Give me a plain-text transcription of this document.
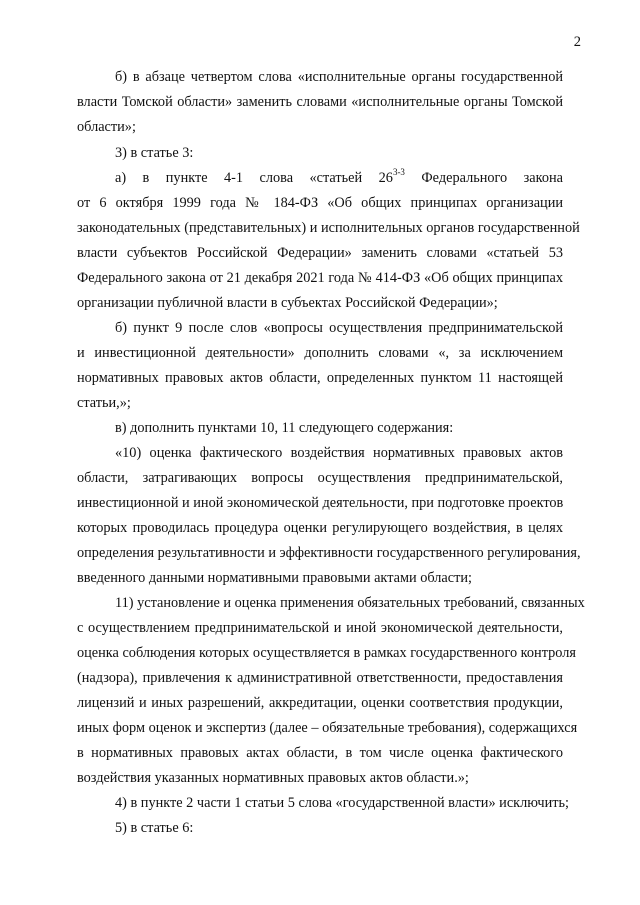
2
б) в абзаце четвертом слова «исполнительные органы государственной
власти Томской области» заменить словами «исполнительные органы Томской
области»;
3) в статье 3:
а) в пункте 4-1 слова «статьей 26$^{3-3}$ Федерального закона
от 6 октября 1999 года № 184-ФЗ «Об общих принципах организации
законодательных (представительных) и исполнительных органов государственной
власти субъектов Российской Федерации» заменить словами «статьей 53
Федерального закона от 21 декабря 2021 года № 414-ФЗ «Об общих принципах
организации публичной власти в субъектах Российской Федерации»;
б) пункт 9 после слов «вопросы осуществления предпринимательской
и инвестиционной деятельности» дополнить словами «, за исключением
нормативных правовых актов области, определенных пунктом 11 настоящей
статьи,»;
в) дополнить пунктами 10, 11 следующего содержания:
«10) оценка фактического воздействия нормативных правовых актов
области, затрагивающих вопросы осуществления предпринимательской,
инвестиционной и иной экономической деятельности, при подготовке проектов
которых проводилась процедура оценки регулирующего воздействия, в целях
определения результативности и эффективности государственного регулирования,
введенного данными нормативными правовыми актами области;
11) установление и оценка применения обязательных требований, связанных
с осуществлением предпринимательской и иной экономической деятельности,
оценка соблюдения которых осуществляется в рамках государственного контроля
(надзора), привлечения к административной ответственности, предоставления
лицензий и иных разрешений, аккредитации, оценки соответствия продукции,
иных форм оценок и экспертиз (далее – обязательные требования), содержащихся
в нормативных правовых актах области, в том числе оценка фактического
воздействия указанных нормативных правовых актов области.»;
4) в пункте 2 части 1 статьи 5 слова «государственной власти» исключить;
5) в статье 6:
